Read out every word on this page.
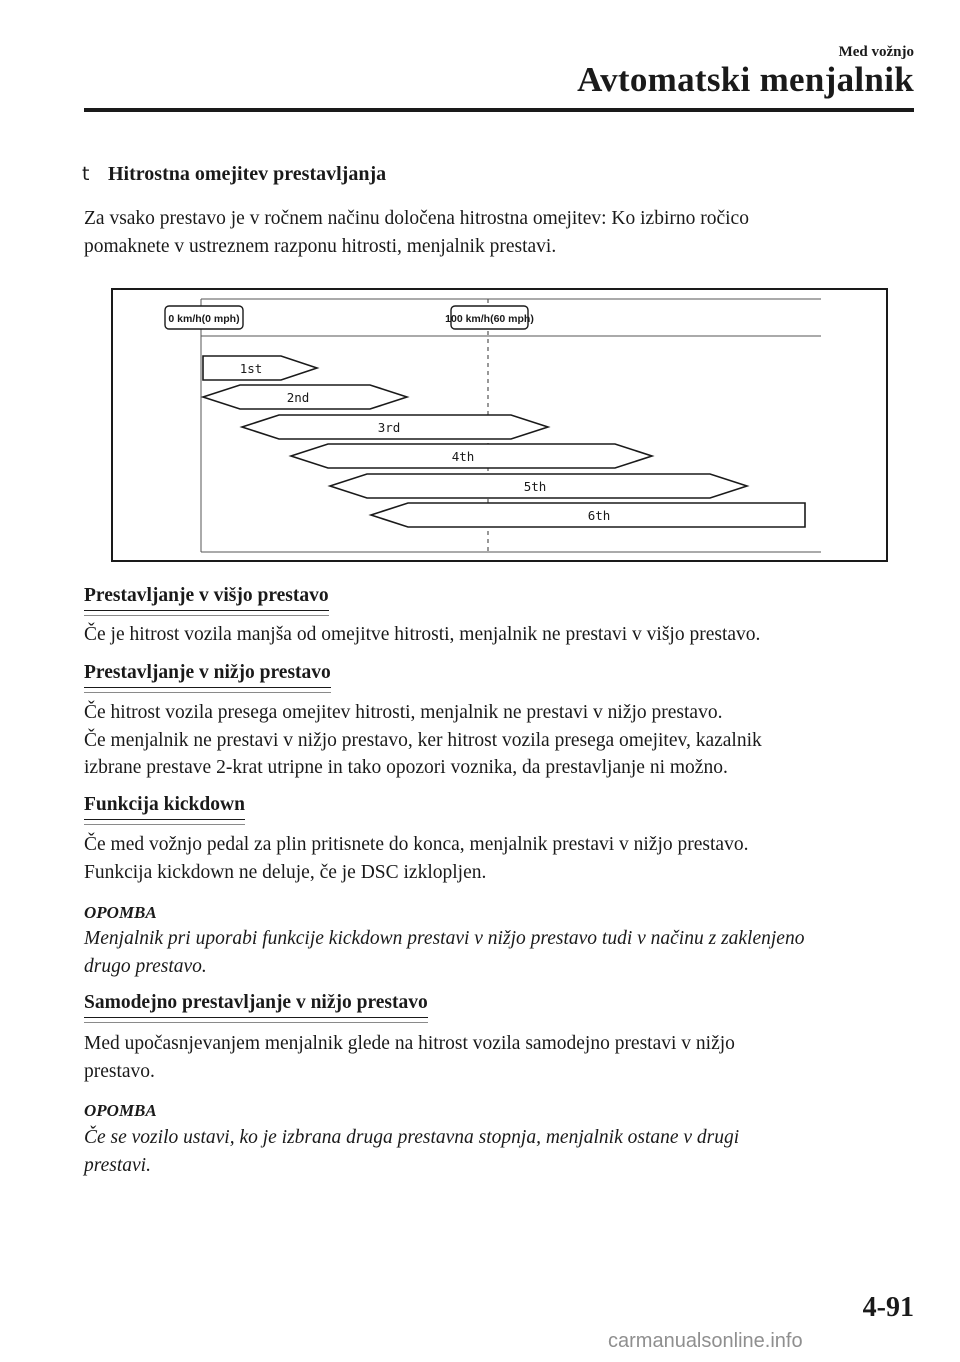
Med vožnjo
Avtomatski menjalnik
t Hitrostna omejitev prestavljanja
Za vsako prestavo je v ročnem načinu določena hitrostna omejitev: Ko izbirno ročico
pomaknete v ustreznem razponu hitrosti, menjalnik prestavi.
0 km/h(0 mph)	100 km/h(60 mph)
1st
2nd
3rd
4th
5th
6th
Prestavljanje v višjo prestavo
Če je hitrost vozila manjša od omejitve hitrosti, menjalnik ne prestavi v višjo prestavo.
Prestavljanje v nižjo prestavo
Če hitrost vozila presega omejitev hitrosti, menjalnik ne prestavi v nižjo prestavo.
Če menjalnik ne prestavi v nižjo prestavo, ker hitrost vozila presega omejitev, kazalnik
izbrane prestave 2-krat utripne in tako opozori voznika, da prestavljanje ni možno.
Funkcija kickdown
Če med vožnjo pedal za plin pritisnete do konca, menjalnik prestavi v nižjo prestavo.
Funkcija kickdown ne deluje, če je DSC izklopljen.
OPOMBA
Menjalnik pri uporabi funkcije kickdown prestavi v nižjo prestavo tudi v načinu z zaklenjeno
drugo prestavo.
Samodejno prestavljanje v nižjo prestavo
Med upočasnjevanjem menjalnik glede na hitrost vozila samodejno prestavi v nižjo
prestavo.
OPOMBA
Če se vozilo ustavi, ko je izbrana druga prestavna stopnja, menjalnik ostane v drugi
prestavi.
4-91
carmanualsonline.info
